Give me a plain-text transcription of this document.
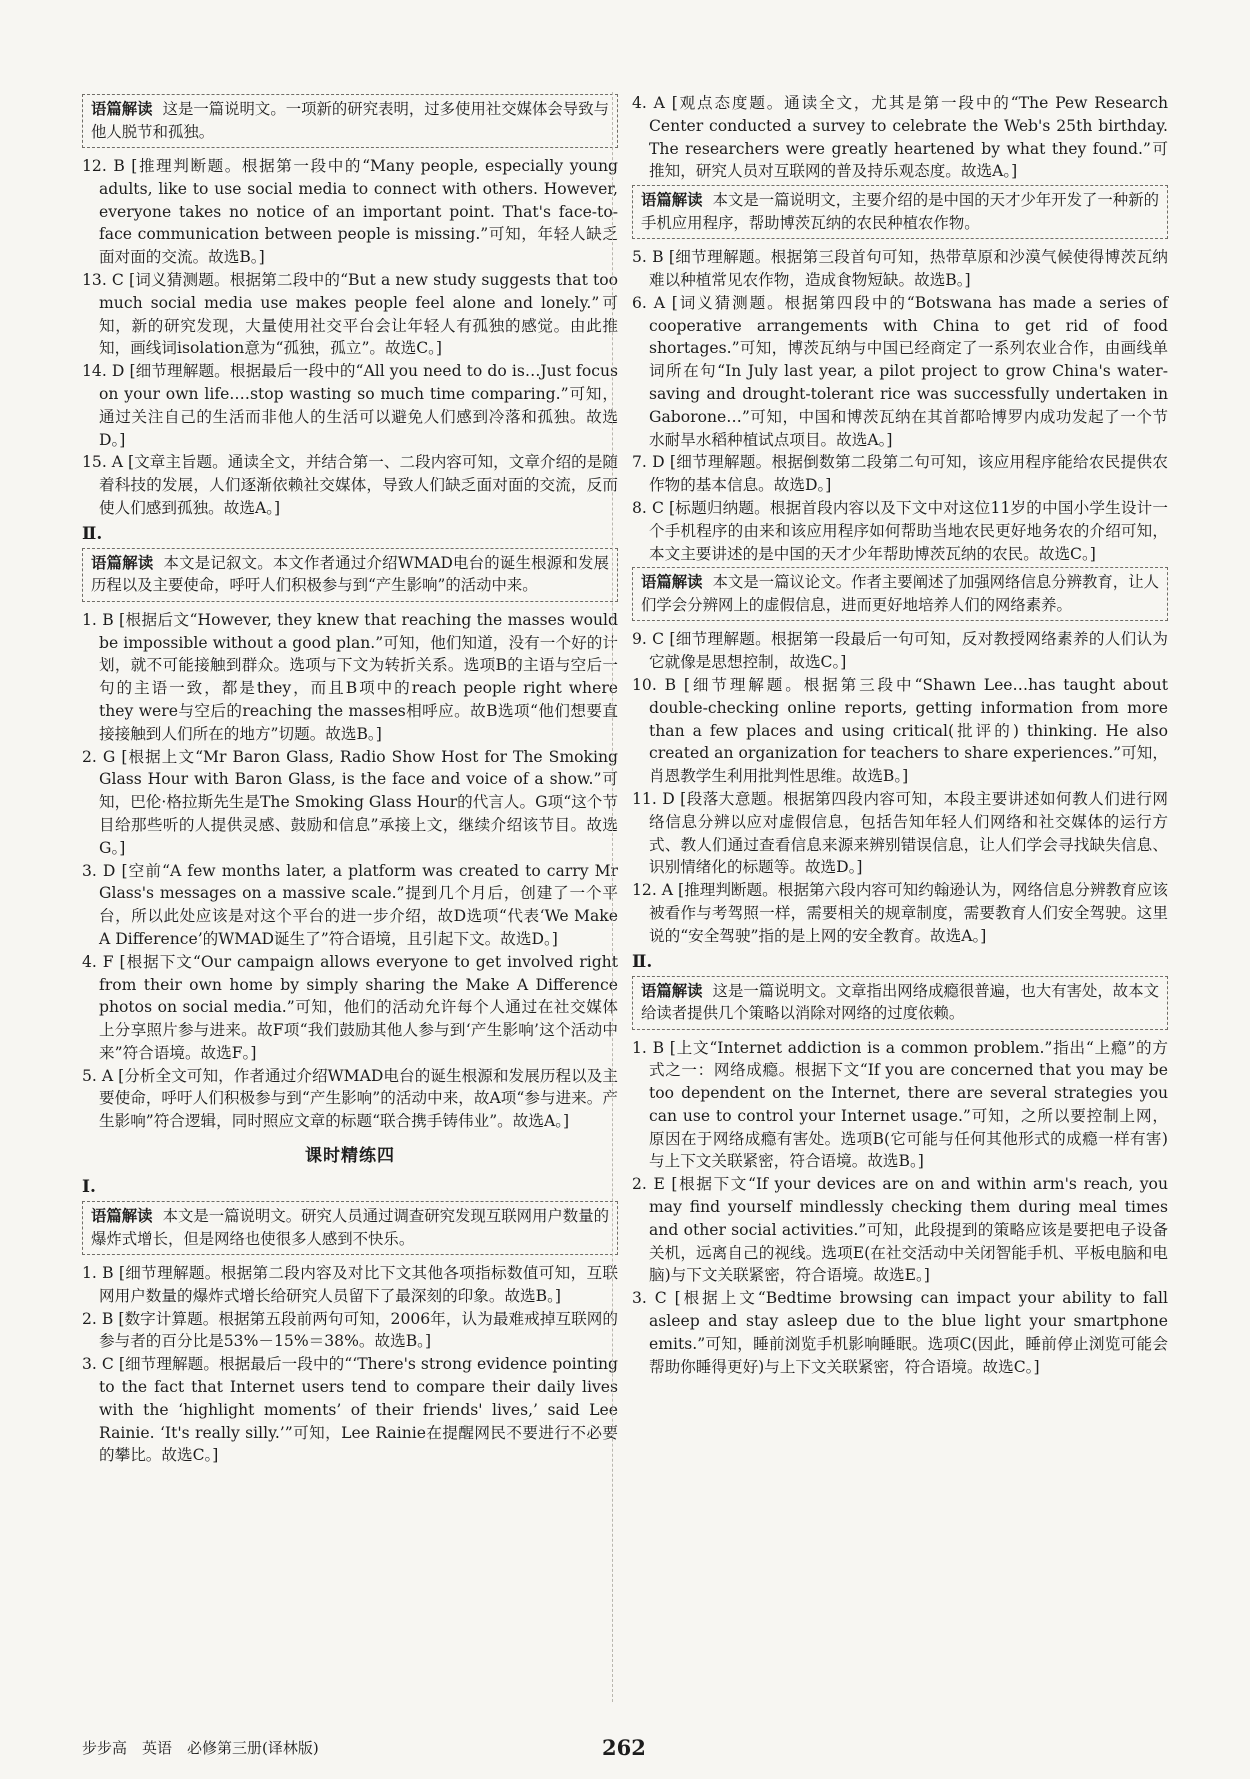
语篇解读 这是一篇说明文。一项新的研究表明，过多使用社交媒体会导致与他人脱节和孤独。

12. B [推理判断题。根据第一段中的“Many people, especially young adults, like to use social media to connect with others. However, everyone takes no notice of an important point. That's face-to-face communication between people is missing.”可知，年轻人缺乏面对面的交流。故选B。]

13. C [词义猜测题。根据第二段中的“But a new study suggests that too much social media use makes people feel alone and lonely.”可知，新的研究发现，大量使用社交平台会让年轻人有孤独的感觉。由此推知，画线词isolation意为“孤独，孤立”。故选C。]

14. D [细节理解题。根据最后一段中的“All you need to do is…Just focus on your own life.…stop wasting so much time comparing.”可知，通过关注自己的生活而非他人的生活可以避免人们感到冷落和孤独。故选D。]

15. A [文章主旨题。通读全文，并结合第一、二段内容可知，文章介绍的是随着科技的发展，人们逐渐依赖社交媒体，导致人们缺乏面对面的交流，反而使人们感到孤独。故选A。]

Ⅱ.
语篇解读 本文是记叙文。本文作者通过介绍WMAD电台的诞生根源和发展历程以及主要使命，呼吁人们积极参与到“产生影响”的活动中来。

1. B [根据后文“However, they knew that reaching the masses would be impossible without a good plan.”可知，他们知道，没有一个好的计划，就不可能接触到群众。选项与下文为转折关系。选项B的主语与空后一句的主语一致，都是they，而且B项中的reach people right where they were与空后的reaching the masses相呼应。故B选项“他们想要直接接触到人们所在的地方”切题。故选B。]

2. G [根据上文“Mr Baron Glass, Radio Show Host for The Smoking Glass Hour with Baron Glass, is the face and voice of a show.”可知，巴伦·格拉斯先生是The Smoking Glass Hour的代言人。G项“这个节目给那些听的人提供灵感、鼓励和信息”承接上文，继续介绍该节目。故选G。]

3. D [空前“A few months later, a platform was created to carry Mr Glass's messages on a massive scale.”提到几个月后，创建了一个平台，所以此处应该是对这个平台的进一步介绍，故D选项“代表‘We Make A Difference’的WMAD诞生了”符合语境，且引起下文。故选D。]

4. F [根据下文“Our campaign allows everyone to get involved right from their own home by simply sharing the Make A Difference photos on social media.”可知，他们的活动允许每个人通过在社交媒体上分享照片参与进来。故F项“我们鼓励其他人参与到‘产生影响’这个活动中来”符合语境。故选F。]

5. A [分析全文可知，作者通过介绍WMAD电台的诞生根源和发展历程以及主要使命，呼吁人们积极参与到“产生影响”的活动中来，故A项“参与进来。产生影响”符合逻辑，同时照应文章的标题“联合携手铸伟业”。故选A。]

课时精练四
Ⅰ.
语篇解读 本文是一篇说明文。研究人员通过调查研究发现互联网用户数量的爆炸式增长，但是网络也使很多人感到不快乐。

1. B [细节理解题。根据第二段内容及对比下文其他各项指标数值可知，互联网用户数量的爆炸式增长给研究人员留下了最深刻的印象。故选B。]

2. B [数字计算题。根据第五段前两句可知，2006年，认为最难戒掉互联网的参与者的百分比是53%－15%＝38%。故选B。]

3. C [细节理解题。根据最后一段中的“‘There's strong evidence pointing to the fact that Internet users tend to compare their daily lives with the ‘highlight moments’ of their friends' lives,’ said Lee Rainie. ‘It's really silly.’”可知，Lee Rainie在提醒网民不要进行不必要的攀比。故选C。]

4. A [观点态度题。通读全文，尤其是第一段中的“The Pew Research Center conducted a survey to celebrate the Web's 25th birthday. The researchers were greatly heartened by what they found.”可推知，研究人员对互联网的普及持乐观态度。故选A。]

语篇解读 本文是一篇说明文，主要介绍的是中国的天才少年开发了一种新的手机应用程序，帮助博茨瓦纳的农民种植农作物。

5. B [细节理解题。根据第三段首句可知，热带草原和沙漠气候使得博茨瓦纳难以种植常见农作物，造成食物短缺。故选B。]

6. A [词义猜测题。根据第四段中的“Botswana has made a series of cooperative arrangements with China to get rid of food shortages.”可知，博茨瓦纳与中国已经商定了一系列农业合作，由画线单词所在句“In July last year, a pilot project to grow China's water-saving and drought-tolerant rice was successfully undertaken in Gaborone…”可知，中国和博茨瓦纳在其首都哈博罗内成功发起了一个节水耐旱水稻种植试点项目。故选A。]

7. D [细节理解题。根据倒数第二段第二句可知，该应用程序能给农民提供农作物的基本信息。故选D。]

8. C [标题归纳题。根据首段内容以及下文中对这位11岁的中国小学生设计一个手机程序的由来和该应用程序如何帮助当地农民更好地务农的介绍可知，本文主要讲述的是中国的天才少年帮助博茨瓦纳的农民。故选C。]

语篇解读 本文是一篇议论文。作者主要阐述了加强网络信息分辨教育，让人们学会分辨网上的虚假信息，进而更好地培养人们的网络素养。

9. C [细节理解题。根据第一段最后一句可知，反对教授网络素养的人们认为它就像是思想控制，故选C。]

10. B [细节理解题。根据第三段中“Shawn Lee…has taught about double-checking online reports, getting information from more than a few places and using critical(批评的) thinking. He also created an organization for teachers to share experiences.”可知，肖恩教学生利用批判性思维。故选B。]

11. D [段落大意题。根据第四段内容可知，本段主要讲述如何教人们进行网络信息分辨以应对虚假信息，包括告知年轻人们网络和社交媒体的运行方式、教人们通过查看信息来源来辨别错误信息，让人们学会寻找缺失信息、识别情绪化的标题等。故选D。]

12. A [推理判断题。根据第六段内容可知约翰逊认为，网络信息分辨教育应该被看作与考驾照一样，需要相关的规章制度，需要教育人们安全驾驶。这里说的“安全驾驶”指的是上网的安全教育。故选A。]

Ⅱ.
语篇解读 这是一篇说明文。文章指出网络成瘾很普遍，也大有害处，故本文给读者提供几个策略以消除对网络的过度依赖。

1. B [上文“Internet addiction is a common problem.”指出“上瘾”的方式之一：网络成瘾。根据下文“If you are concerned that you may be too dependent on the Internet, there are several strategies you can use to control your Internet usage.”可知，之所以要控制上网，原因在于网络成瘾有害处。选项B(它可能与任何其他形式的成瘾一样有害)与上下文关联紧密，符合语境。故选B。]

2. E [根据下文“If your devices are on and within arm's reach, you may find yourself mindlessly checking them during meal times and other social activities.”可知，此段提到的策略应该是要把电子设备关机，远离自己的视线。选项E(在社交活动中关闭智能手机、平板电脑和电脑)与下文关联紧密，符合语境。故选E。]

3. C [根据上文“Bedtime browsing can impact your ability to fall asleep and stay asleep due to the blue light your smartphone emits.”可知，睡前浏览手机影响睡眠。选项C(因此，睡前停止浏览可能会帮助你睡得更好)与上下文关联紧密，符合语境。故选C。]

步步高　英语　必修第三册(译林版)	262
